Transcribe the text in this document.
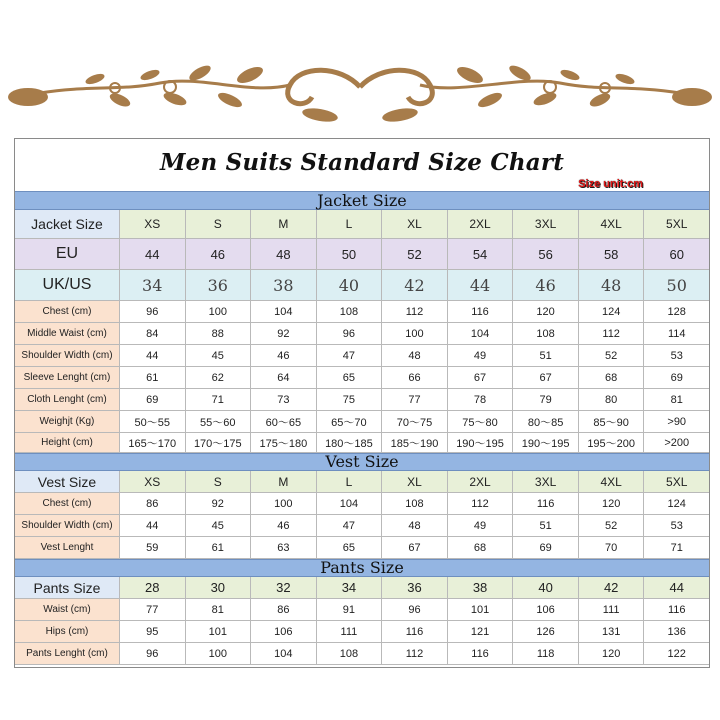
Men Suits Standard Size Chart
Size unit:cm
Jacket Size
Jacket Size	XS	S	M	L	XL	2XL	3XL	4XL	5XL
EU	44	46	48	50	52	54	56	58	60
UK/US	34	36	38	40	42	44	46	48	50
Chest (cm)	96	100	104	108	112	116	120	124	128
Middle Waist (cm)	84	88	92	96	100	104	108	112	114
Shoulder Width (cm)	44	45	46	47	48	49	51	52	53
Sleeve Lenght (cm)	61	62	64	65	66	67	67	68	69
Cloth Lenght (cm)	69	71	73	75	77	78	79	80	81
Weighjt (Kg)	50～55	55～60	60～65	65～70	70～75	75～80	80～85	85～90	>90
Height (cm)	165～170	170～175	175～180	180～185	185～190	190～195	190～195	195～200	>200
Vest Size
Vest Size	XS	S	M	L	XL	2XL	3XL	4XL	5XL
Chest (cm)	86	92	100	104	108	112	116	120	124
Shoulder Width (cm)	44	45	46	47	48	49	51	52	53
Vest Lenght	59	61	63	65	67	68	69	70	71
Pants Size
Pants Size	28	30	32	34	36	38	40	42	44
Waist (cm)	77	81	86	91	96	101	106	111	116
Hips (cm)	95	101	106	111	116	121	126	131	136
Pants Lenght (cm)	96	100	104	108	112	116	118	120	122
